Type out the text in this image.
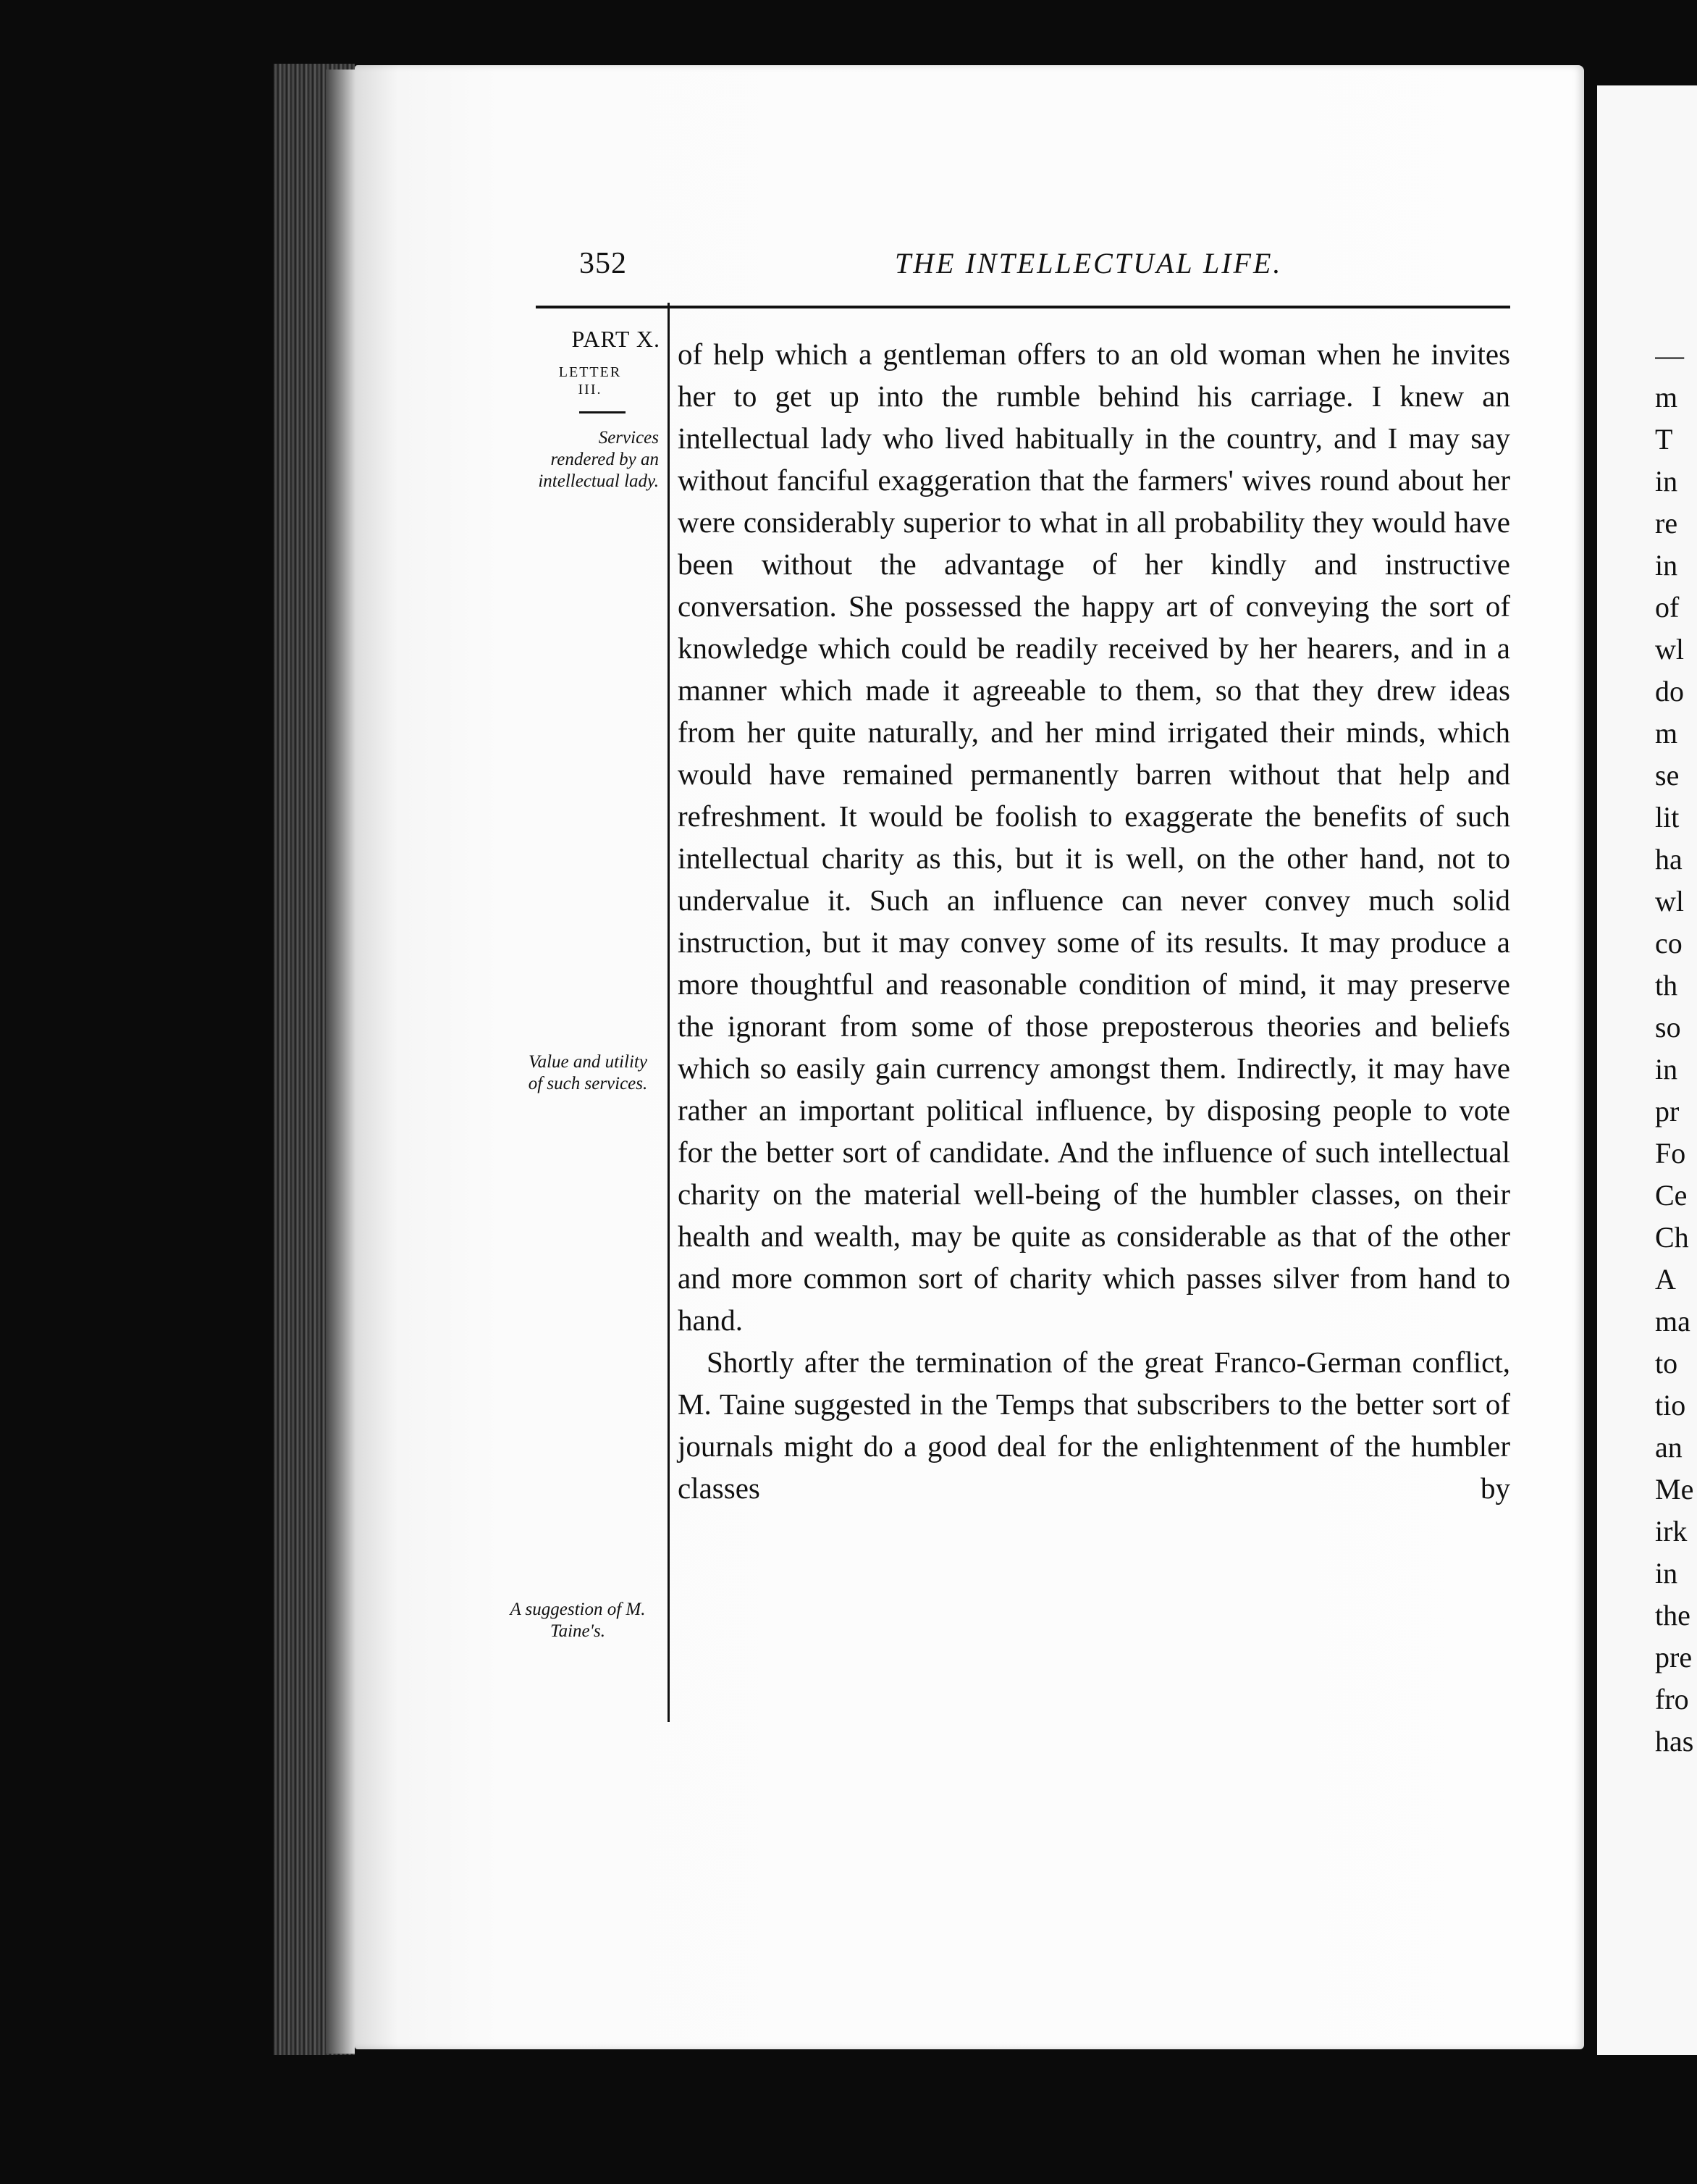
—
m
T
in
re
in
of
wl
do
m
se
lit
ha
wl
co
th
so
in
pr
Fo
Ce
Ch
A
ma
to
tio
an
Me
irk
in
the
pre
fro
has
352	THE INTELLECTUAL LIFE.
PART X.
LETTER
III.
Services rendered by an intellectual lady.
Value and utility of such services.
A suggestion of M. Taine's.

of help which a gentleman offers to an old woman when he invites her to get up into the rumble behind his carriage. I knew an intellectual lady who lived habitually in the country, and I may say without fanciful exaggeration that the farmers' wives round about her were considerably superior to what in all probability they would have been without the advantage of her kindly and instructive conversation. She possessed the happy art of conveying the sort of knowledge which could be readily received by her hearers, and in a manner which made it agreeable to them, so that they drew ideas from her quite naturally, and her mind irrigated their minds, which would have remained permanently barren without that help and refreshment. It would be foolish to exaggerate the benefits of such intellectual charity as this, but it is well, on the other hand, not to undervalue it. Such an influence can never convey much solid instruction, but it may convey some of its results. It may produce a more thoughtful and reasonable condition of mind, it may preserve the ignorant from some of those preposterous theories and beliefs which so easily gain currency amongst them. Indirectly, it may have rather an important political influence, by disposing people to vote for the better sort of candidate. And the influence of such intellectual charity on the material well-being of the humbler classes, on their health and wealth, may be quite as considerable as that of the other and more common sort of charity which passes silver from hand to hand.

Shortly after the termination of the great Franco-German conflict, M. Taine suggested in the Temps that subscribers to the better sort of journals might do a good deal for the enlightenment of the humbler classes by
